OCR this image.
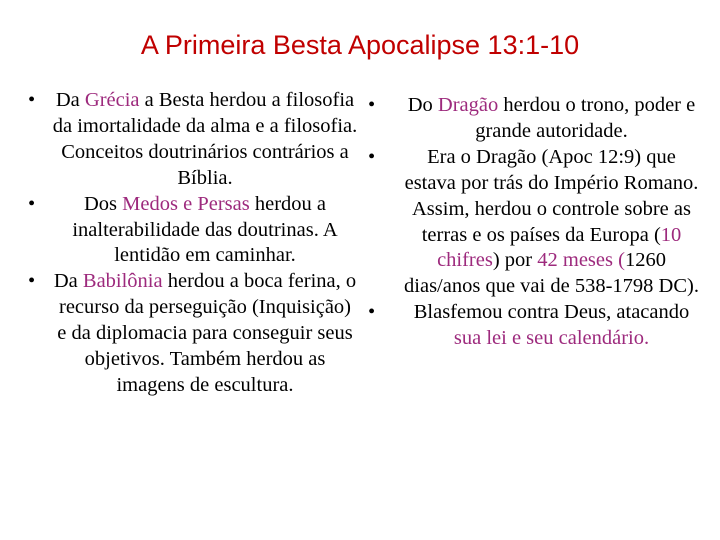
A Primeira Besta Apocalipse 13:1-10
• Da Grécia a Besta herdou a filosofia da imortalidade da alma e a filosofia. Conceitos doutrinários contrários a Bíblia.
• Dos Medos e Persas herdou a inalterabilidade das doutrinas. A lentidão em caminhar.
• Da Babilônia herdou a boca ferina, o recurso da perseguição (Inquisição) e da diplomacia para conseguir seus objetivos. Também herdou as imagens de escultura.
• Do Dragão herdou o trono, poder e grande autoridade.
•	Era o Dragão (Apoc 12:9) que estava por trás do Império Romano. Assim, herdou o controle sobre as terras e os países da Europa (10 chifres) por 42 meses (1260 dias/anos que vai de 538-1798 DC).
• Blasfemou contra Deus, atacando sua lei e seu calendário.
